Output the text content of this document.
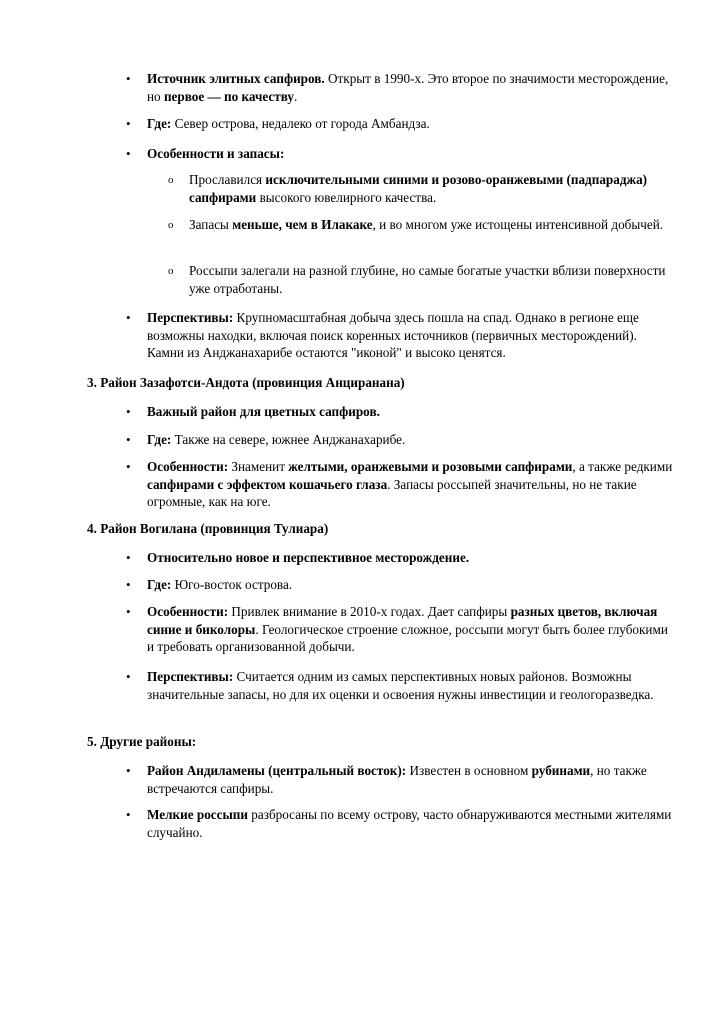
• Источник элитных сапфиров. Открыт в 1990-х. Это второе по значимости месторождение, но первое — по качеству.
• Где: Север острова, недалеко от города Амбандза.
• Особенности и запасы:
o Прославился исключительными синими и розово-оранжевыми (падпараджа) сапфирами высокого ювелирного качества.
o Запасы меньше, чем в Илакаке, и во многом уже истощены интенсивной добычей.
o Россыпи залегали на разной глубине, но самые богатые участки вблизи поверхности уже отработаны.
• Перспективы: Крупномасштабная добыча здесь пошла на спад. Однако в регионе еще возможны находки, включая поиск коренных источников (первичных месторождений). Камни из Анджанахарибе остаются "иконой" и высоко ценятся.
3. Район Зазафотси-Андота (провинция Анциранана)
• Важный район для цветных сапфиров.
• Где: Также на севере, южнее Анджанахарибе.
• Особенности: Знаменит желтыми, оранжевыми и розовыми сапфирами, а также редкими сапфирами с эффектом кошачьего глаза. Запасы россыпей значительны, но не такие огромные, как на юге.
4. Район Вогилана (провинция Тулиара)
• Относительно новое и перспективное месторождение.
• Где: Юго-восток острова.
• Особенности: Привлек внимание в 2010-х годах. Дает сапфиры разных цветов, включая синие и биколоры. Геологическое строение сложное, россыпи могут быть более глубокими и требовать организованной добычи.
• Перспективы: Считается одним из самых перспективных новых районов. Возможны значительные запасы, но для их оценки и освоения нужны инвестиции и геологоразведка.
5. Другие районы:
• Район Андиламены (центральный восток): Известен в основном рубинами, но также встречаются сапфиры.
• Мелкие россыпи разбросаны по всему острову, часто обнаруживаются местными жителями случайно.
